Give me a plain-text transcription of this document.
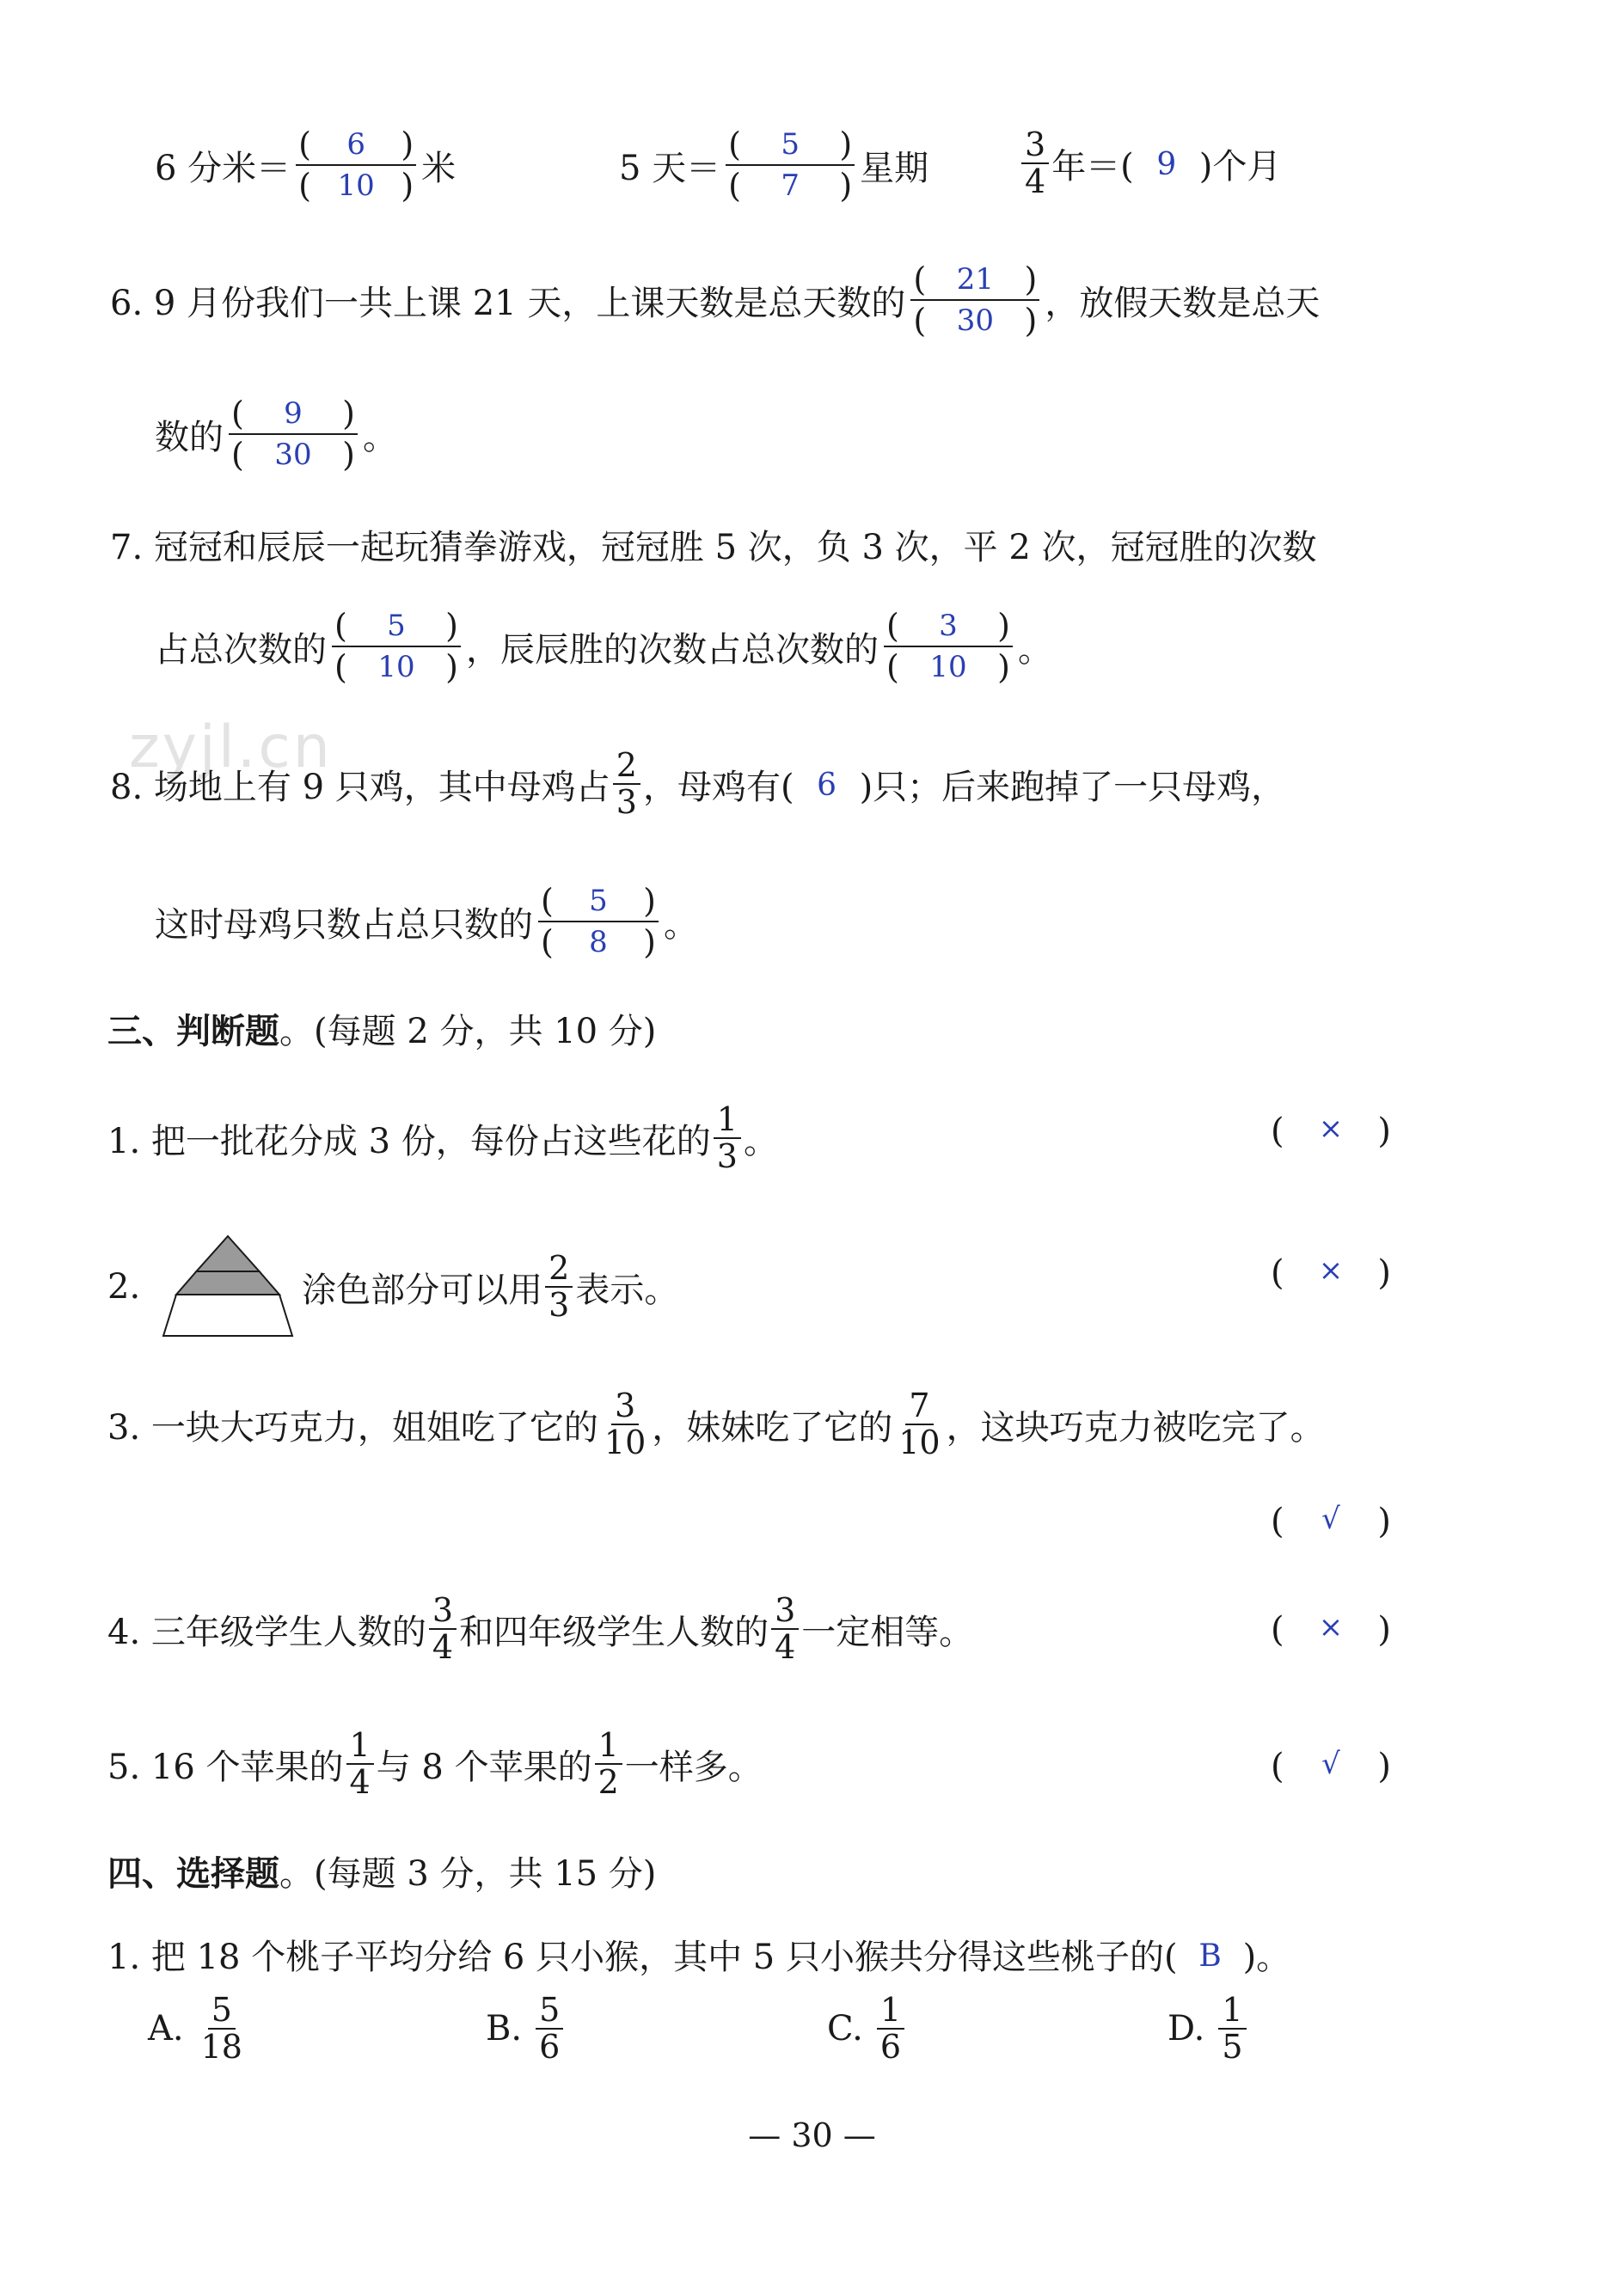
zyjl.cn
6 分米＝
(	6	)
( 10 ) 米	5 天＝
(	5	)
(	7	) 星期
3
4 年＝( 9 )个月
6. 9 月份我们一共上课 21 天，上课天数是总天数的
(	21 )
(	30 ) ，放假天数是总天
数的
(	9	)
(	30 ) 。
7. 冠冠和辰辰一起玩猜拳游戏，冠冠胜 5 次，负 3 次，平 2 次，冠冠胜的次数
占总次数的
(	5	)
(	10 ) ，辰辰胜的次数占总次数的
(	3	)
(	10 ) 。
8. 场地上有 9 只鸡，其中母鸡占
2
3 ，母鸡有( 6 )只；后来跑掉了一只母鸡，
这时母鸡只数占总只数的
(	5	)
(	8	) 。
三、判断题 。(每题 2 分，共 10 分)
1. 把一批花分成 3 份，每份占这些花的
1
3 。	( × )
2.	涂色部分可以用
2
3 表示。	( × )
3. 一块大巧克力，姐姐吃了它的
3
10 ，妹妹吃了它的
7
10 ，这块巧克力被吃完了。
( √ )
4. 三年级学生人数的
3
4 和四年级学生人数的
3
4 一定相等。	( × )
5. 16 个苹果的
1
4 与 8 个苹果的
1
2 一样多。	( √ )
四、选择题 。(每题 3 分，共 15 分)
1. 把 18 个桃子平均分给 6 只小猴，其中 5 只小猴共分得这些桃子的( B )。
A. 5
18	B. 5
6	C. 1
6	D. 1
5
— 30 —
